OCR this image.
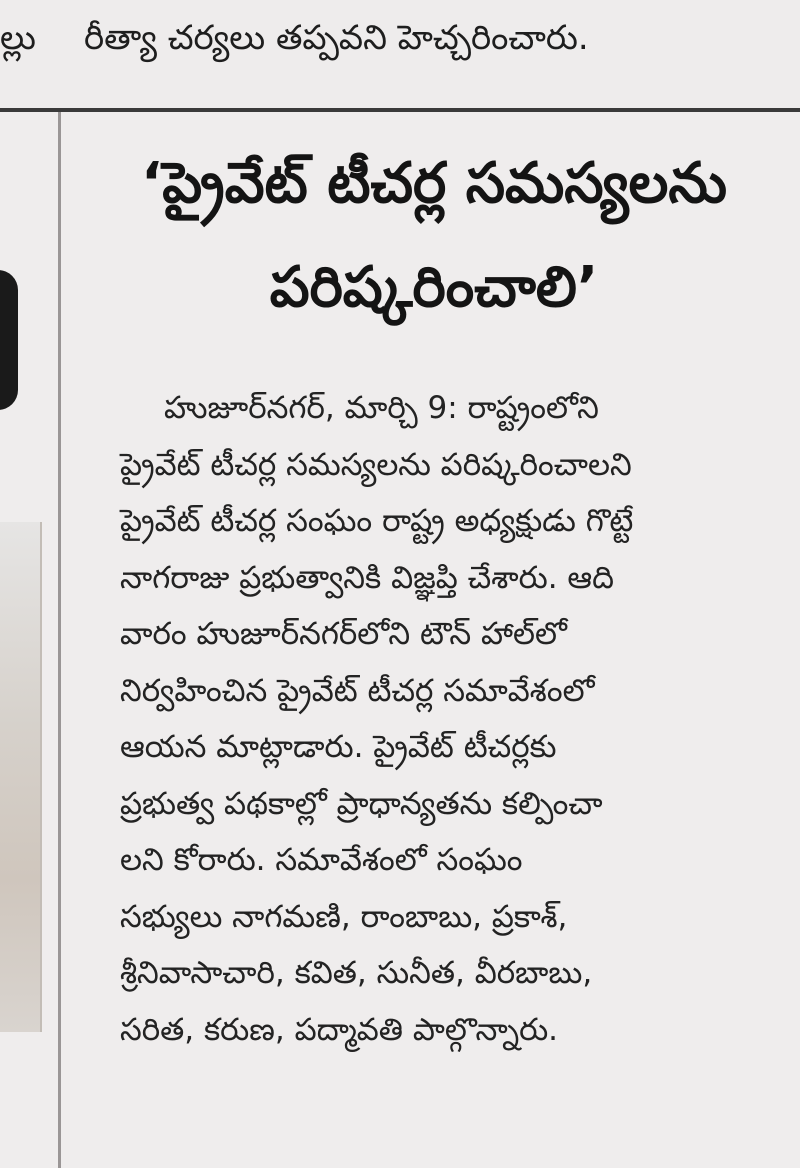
ల్లు రీత్యా చర్యలు తప్పవని హెచ్చరించారు.
‘ప్రైవేట్ టీచర్ల సమస్యలను
పరిష్కరించాలి’
హుజూర్‌నగర్, మార్చి 9: రాష్ట్రంలోని
ప్రైవేట్ టీచర్ల సమస్యలను పరిష్కరించాలని
ప్రైవేట్ టీచర్ల సంఘం రాష్ట్ర అధ్యక్షుడు గొట్టే
నాగరాజు ప్రభుత్వానికి విజ్ఞప్తి చేశారు. ఆది
వారం హుజూర్‌నగర్‌లోని టౌన్ హాల్‌లో
నిర్వహించిన ప్రైవేట్ టీచర్ల సమావేశంలో
ఆయన మాట్లాడారు. ప్రైవేట్ టీచర్లకు
ప్రభుత్వ పథకాల్లో ప్రాధాన్యతను కల్పించా
లని కోరారు. సమావేశంలో సంఘం
సభ్యులు నాగమణి, రాంబాబు, ప్రకాశ్,
శ్రీనివాసాచారి, కవిత, సునీత, వీరబాబు,
సరిత, కరుణ, పద్మావతి పాల్గొన్నారు.
